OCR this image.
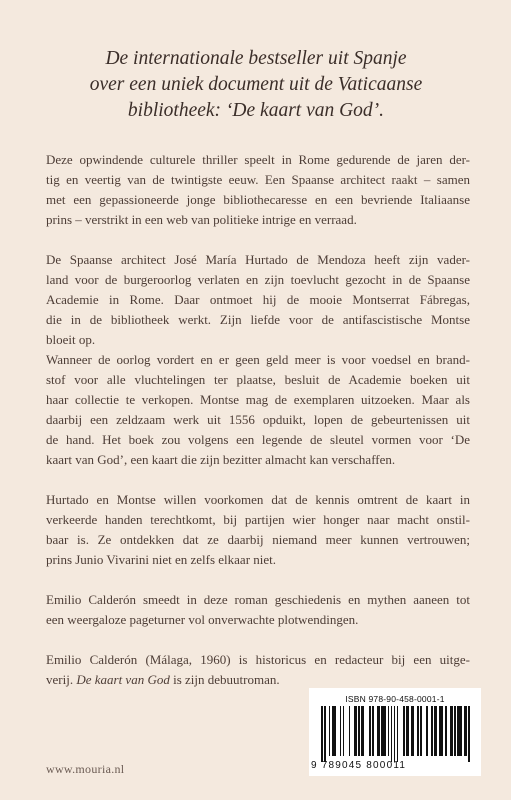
De internationale bestseller uit Spanje
over een uniek document uit de Vaticaanse
bibliotheek: ‘De kaart van God’.

Deze opwindende culturele thriller speelt in Rome gedurende de jaren der-
tig en veertig van de twintigste eeuw. Een Spaanse architect raakt – samen
met een gepassioneerde jonge bibliothecaresse en een bevriende Italiaanse
prins – verstrikt in een web van politieke intrige en verraad.

De Spaanse architect José María Hurtado de Mendoza heeft zijn vader-
land voor de burgeroorlog verlaten en zijn toevlucht gezocht in de Spaanse
Academie in Rome. Daar ontmoet hij de mooie Montserrat Fábregas,
die in de bibliotheek werkt. Zijn liefde voor de antifascistische Montse
bloeit op.

Wanneer de oorlog vordert en er geen geld meer is voor voedsel en brand-
stof voor alle vluchtelingen ter plaatse, besluit de Academie boeken uit
haar collectie te verkopen. Montse mag de exemplaren uitzoeken. Maar als
daarbij een zeldzaam werk uit 1556 opduikt, lopen de gebeurtenissen uit
de hand. Het boek zou volgens een legende de sleutel vormen voor ‘De
kaart van God’, een kaart die zijn bezitter almacht kan verschaffen.

Hurtado en Montse willen voorkomen dat de kennis omtrent de kaart in
verkeerde handen terechtkomt, bij partijen wier honger naar macht onstil-
baar is. Ze ontdekken dat ze daarbij niemand meer kunnen vertrouwen;
prins Junio Vivarini niet en zelfs elkaar niet.

Emilio Calderón smeedt in deze roman geschiedenis en mythen aaneen tot
een weergaloze pageturner vol onverwachte plotwendingen.

Emilio Calderón (Málaga, 1960) is historicus en redacteur bij een uitge-
verij. De kaart van God is zijn debuutroman.

www.mouria.nl
ISBN 978-90-458-0001-1
9 789045 800011
